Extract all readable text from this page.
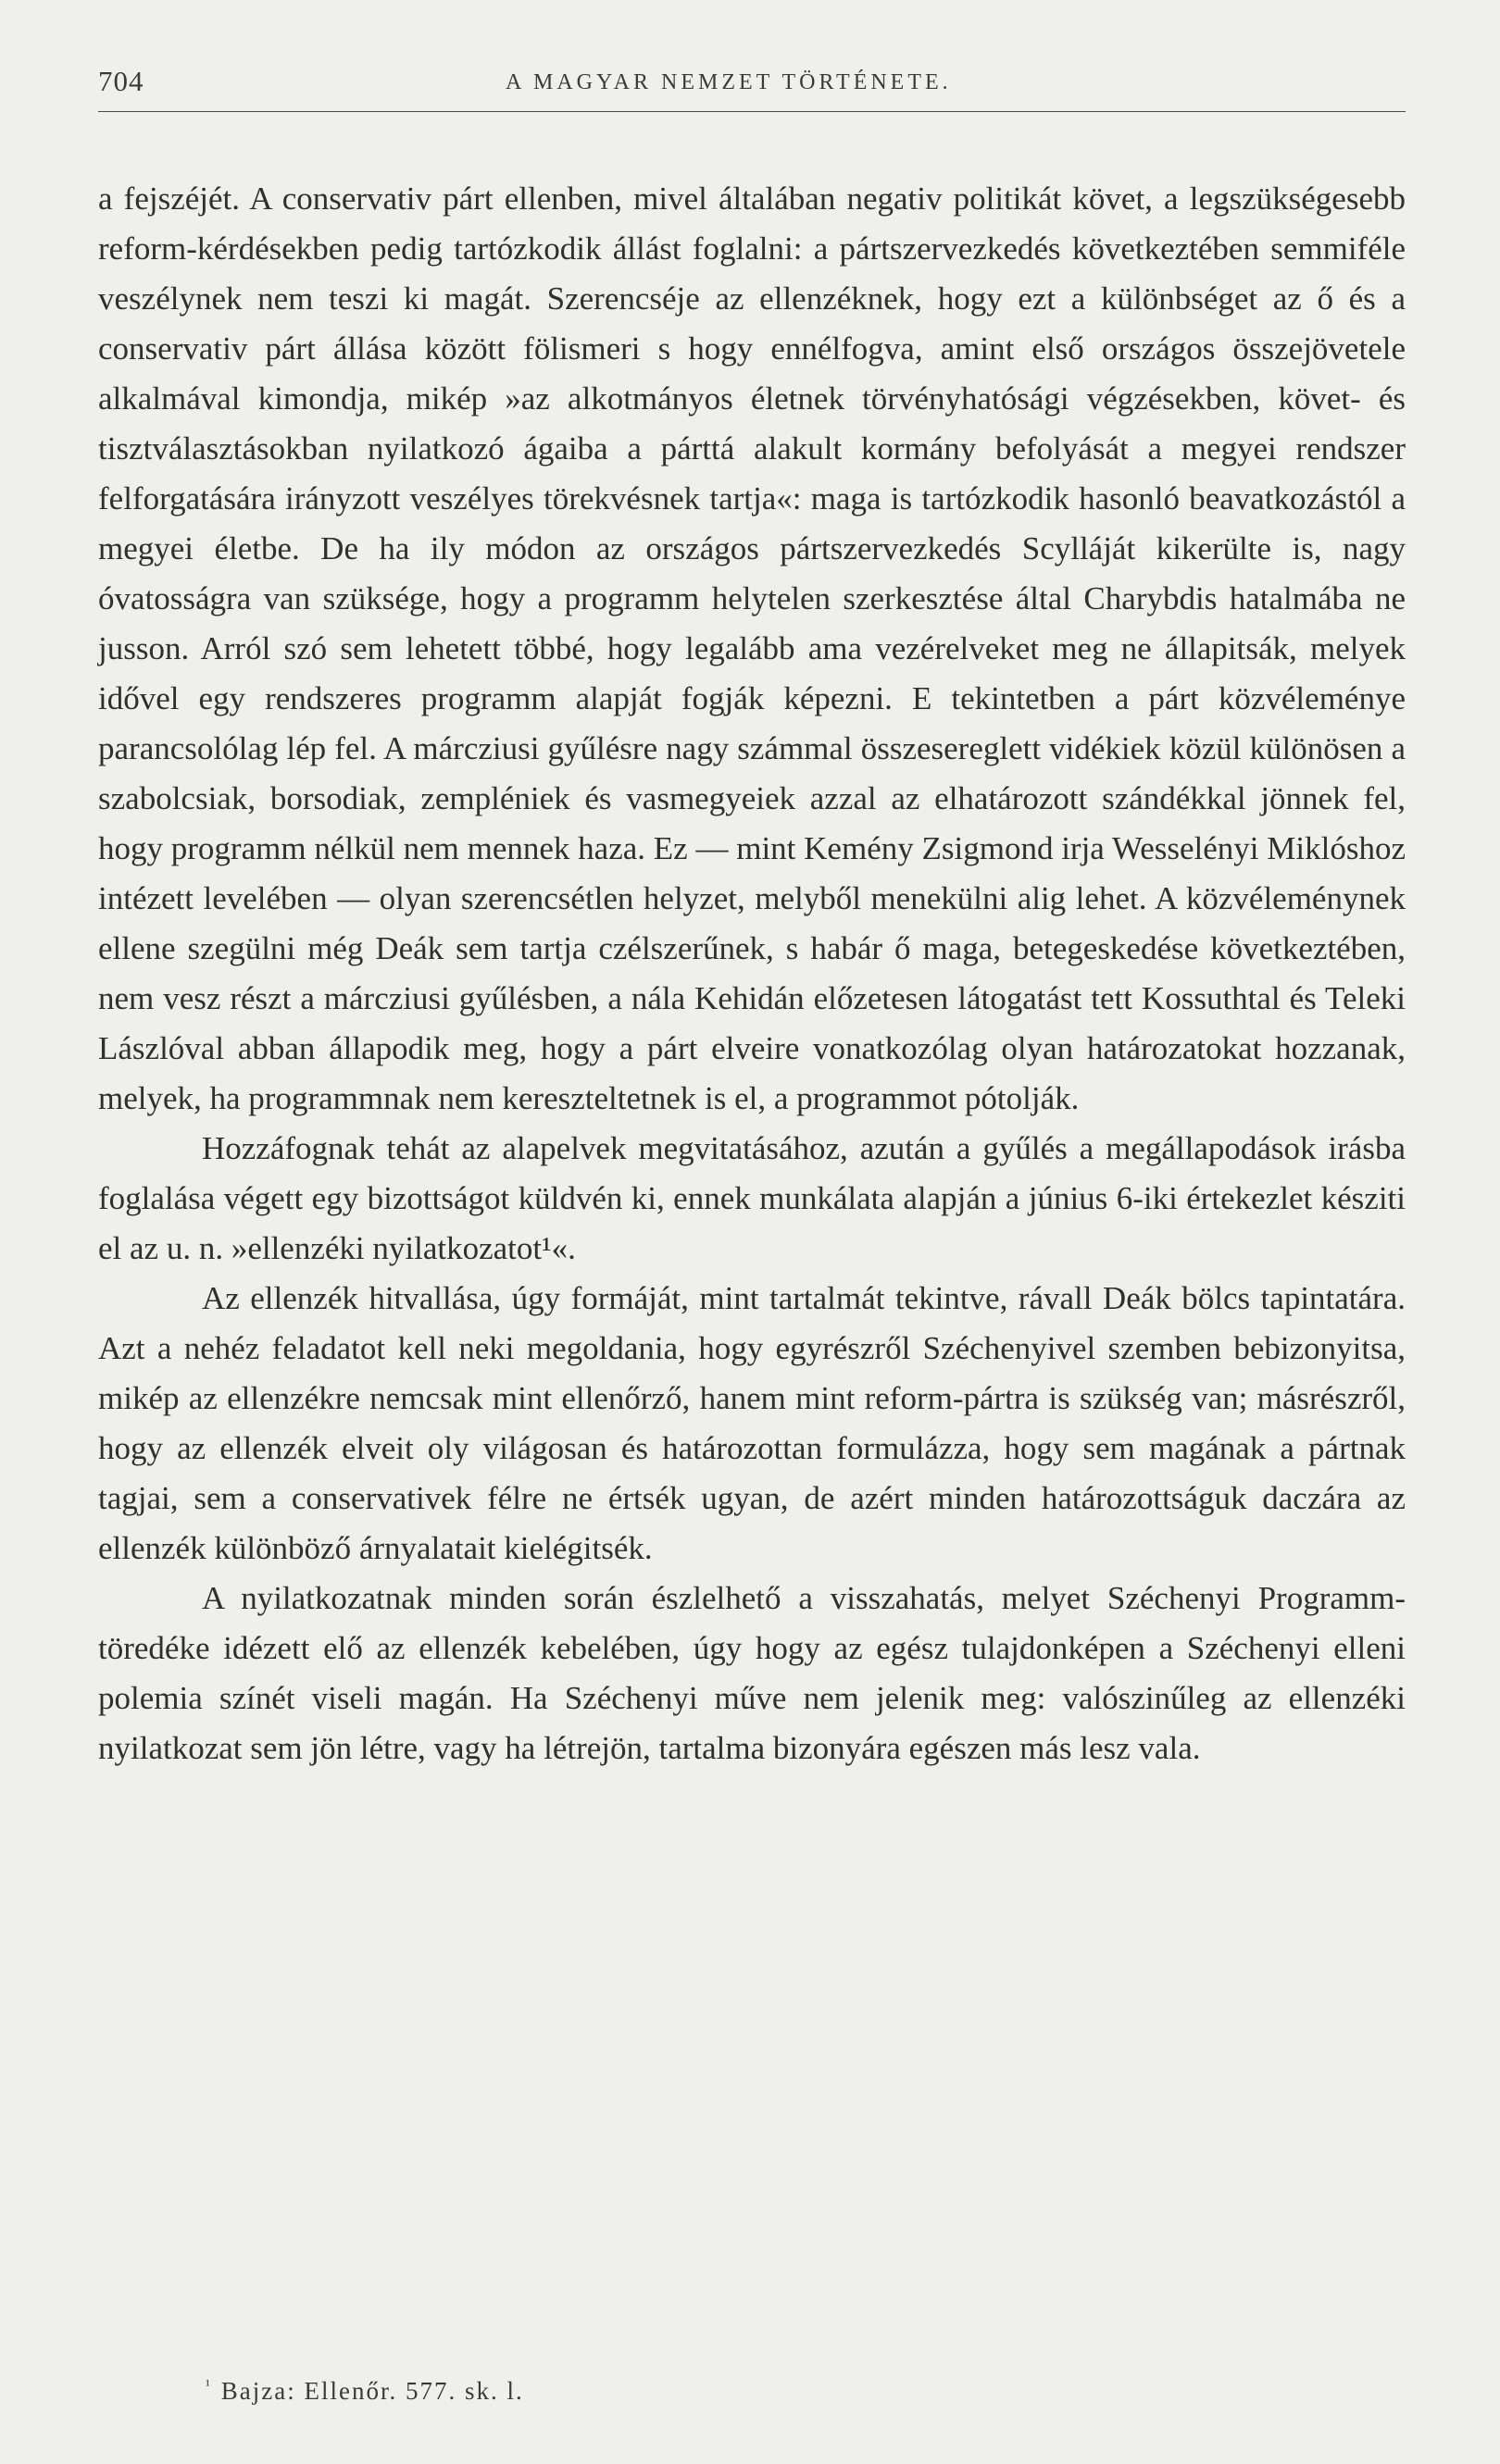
704	A MAGYAR NEMZET TÖRTÉNETE.

a fejszéjét. A conservativ párt ellenben, mivel általában negativ politikát követ, a legszükségesebb reform-kérdésekben pedig tartózkodik állást foglalni: a pártszervezkedés következtében semmiféle veszélynek nem teszi ki magát. Szerencséje az ellenzéknek, hogy ezt a különbséget az ő és a conservativ párt állása között fölismeri s hogy ennélfogva, amint első országos összejövetele alkalmával kimondja, mikép »az alkotmányos életnek törvényhatósági végzésekben, követ- és tisztválasztásokban nyilatkozó ágaiba a párttá alakult kormány befolyását a megyei rendszer felforgatására irányzott veszélyes törekvésnek tartja«: maga is tartózkodik hasonló beavatkozástól a megyei életbe. De ha ily módon az országos pártszervezkedés Scylláját kikerülte is, nagy óvatosságra van szüksége, hogy a programm helytelen szerkesztése által Charybdis hatalmába ne jusson. Arról szó sem lehetett többé, hogy legalább ama vezérelveket meg ne állapitsák, melyek idővel egy rendszeres programm alapját fogják képezni. E tekintetben a párt közvéleménye parancsolólag lép fel. A márcziusi gyűlésre nagy számmal összesereglett vidékiek közül különösen a szabolcsiak, borsodiak, zempléniek és vasmegyeiek azzal az elhatározott szándékkal jönnek fel, hogy programm nélkül nem mennek haza. Ez — mint Kemény Zsigmond irja Wesselényi Miklóshoz intézett levelében — olyan szerencsétlen helyzet, melyből menekülni alig lehet. A közvéleménynek ellene szegülni még Deák sem tartja czélszerűnek, s habár ő maga, betegeskedése következtében, nem vesz részt a márcziusi gyűlésben, a nála Kehidán előzetesen látogatást tett Kossuthtal és Teleki Lászlóval abban állapodik meg, hogy a párt elveire vonatkozólag olyan határozatokat hozzanak, melyek, ha programmnak nem kereszteltetnek is el, a programmot pótolják.

Hozzáfognak tehát az alapelvek megvitatásához, azután a gyűlés a megállapodások irásba foglalása végett egy bizottságot küldvén ki, ennek munkálata alapján a június 6-iki értekezlet késziti el az u. n. »ellenzéki nyilatkozatot¹«.

Az ellenzék hitvallása, úgy formáját, mint tartalmát tekintve, rávall Deák bölcs tapintatára. Azt a nehéz feladatot kell neki megoldania, hogy egyrészről Széchenyivel szemben bebizonyitsa, mikép az ellenzékre nemcsak mint ellenőrző, hanem mint reform-pártra is szükség van; másrészről, hogy az ellenzék elveit oly világosan és határozottan formulázza, hogy sem magának a pártnak tagjai, sem a conservativek félre ne értsék ugyan, de azért minden határozottságuk daczára az ellenzék különböző árnyalatait kielégitsék.

A nyilatkozatnak minden során észlelhető a visszahatás, melyet Széchenyi Programm-töredéke idézett elő az ellenzék kebelében, úgy hogy az egész tulajdonképen a Széchenyi elleni polemia színét viseli magán. Ha Széchenyi műve nem jelenik meg: valószinűleg az ellenzéki nyilatkozat sem jön létre, vagy ha létrejön, tartalma bizonyára egészen más lesz vala.

$^{^1}$ Bajza: Ellenőr. 577. sk. l.
